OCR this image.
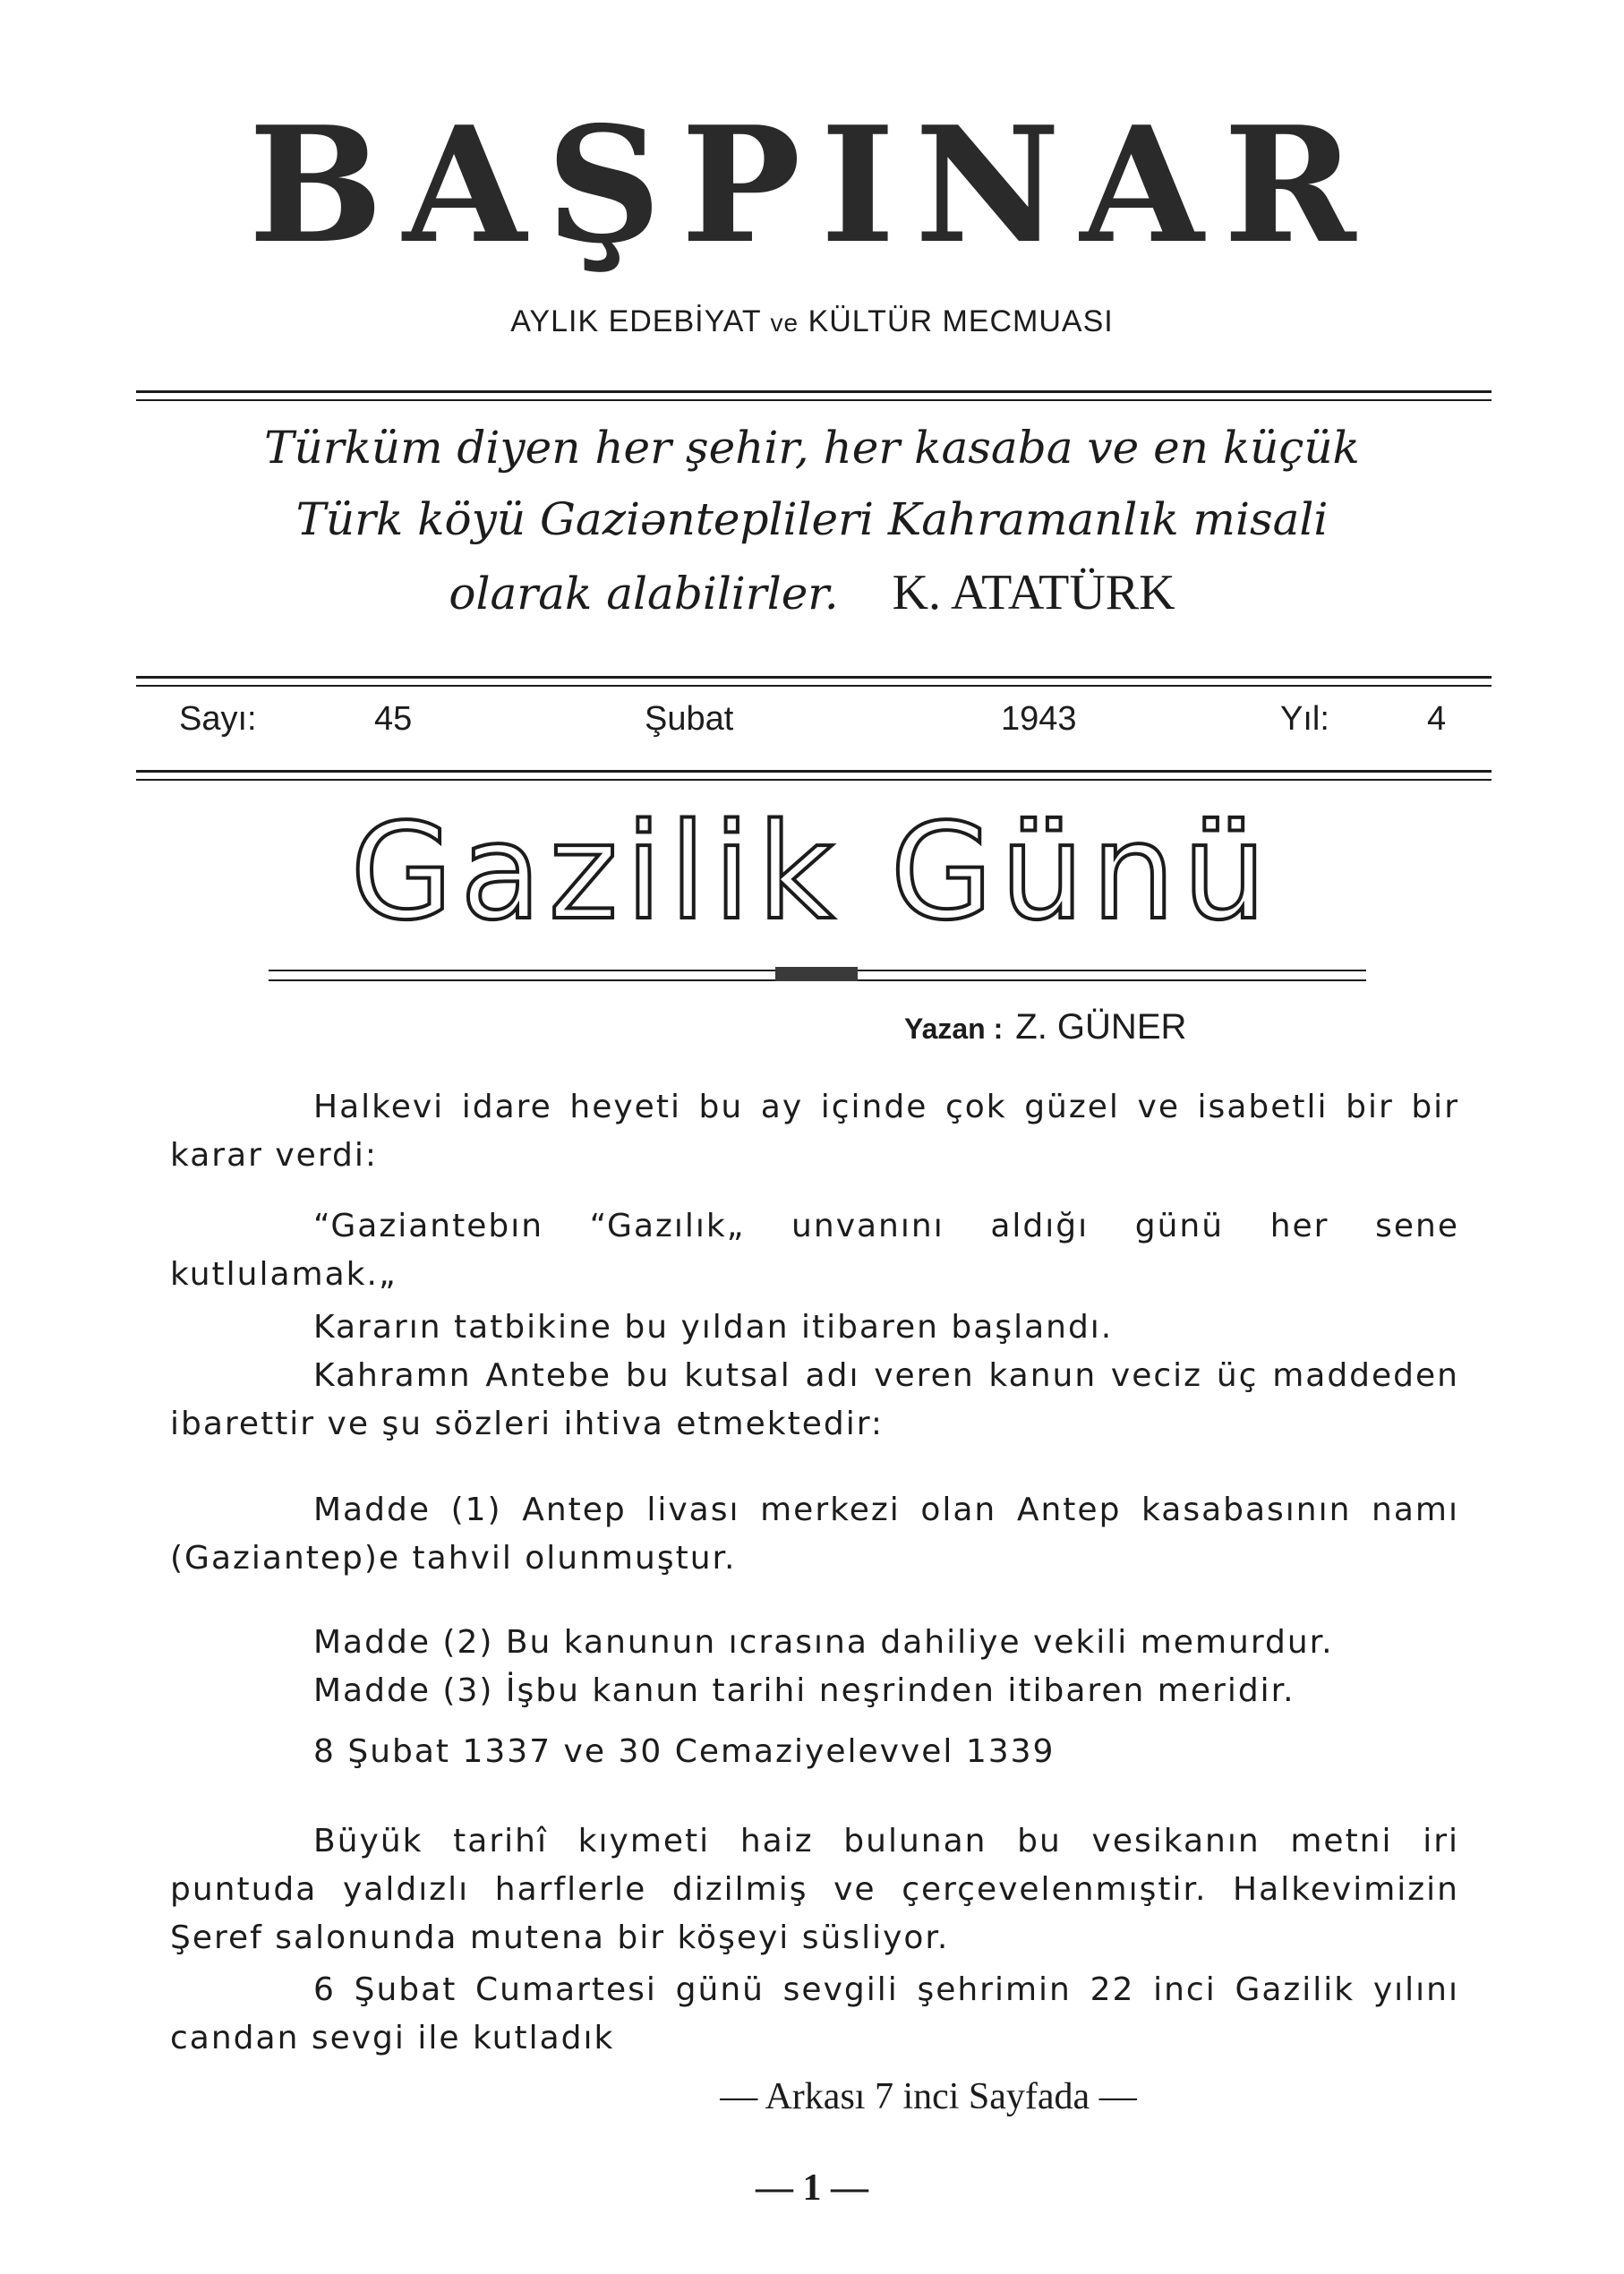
BAŞPINAR
AYLIK EDEBİYAT ve KÜLTÜR MECMUASI
Türküm diyen her şehir, her kasaba ve en küçük
Türk köyü Gaziənteplileri Kahramanlık misali
olarak alabilirler. K. ATATÜRK
Sayı:	45	Şubat	1943	Yıl:	4
Gazilik Günü
Yazan : Z. GÜNER

Halkevi idare heyeti bu ay içinde çok güzel ve isabetli bir bir karar verdi:

“Gaziantebın “Gazılık„ unvanını aldığı günü her sene kutlulamak.„

Kararın tatbikine bu yıldan itibaren başlandı.

Kahramn Antebe bu kutsal adı veren kanun veciz üç maddeden ibarettir ve şu sözleri ihtiva etmektedir:

Madde (1) Antep livası merkezi olan Antep kasabasının namı (Gaziantep)e tahvil olunmuştur.

Madde (2) Bu kanunun ıcrasına dahiliye vekili memurdur.

Madde (3) İşbu kanun tarihi neşrinden itibaren meridir.

8 Şubat 1337 ve 30 Cemaziyelevvel 1339

Büyük tarihî kıymeti haiz bulunan bu vesikanın metni iri puntuda yaldızlı harflerle dizilmiş ve çerçevelenmıştir. Halkevimizin Şeref salonunda mutena bir köşeyi süsliyor.

6 Şubat Cumartesi günü sevgili şehrimin 22 inci Gazilik yılını candan sevgi ile kutladık

— Arkası 7 inci Sayfada —
— 1 —
